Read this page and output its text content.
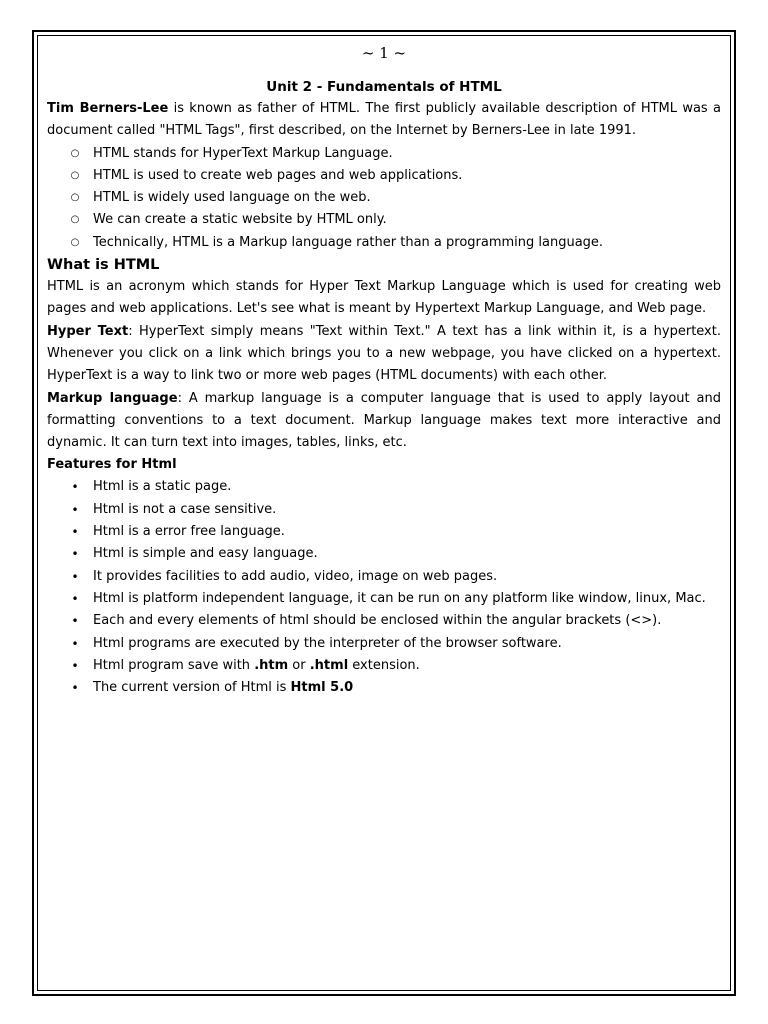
~ 1 ~
Unit 2 - Fundamentals of HTML

Tim Berners-Lee is known as father of HTML. The first publicly available description of HTML was a document called "HTML Tags", first described, on the Internet by Berners-Lee in late 1991.

○ HTML stands for HyperText Markup Language.
○ HTML is used to create web pages and web applications.
○ HTML is widely used language on the web.
○ We can create a static website by HTML only.
○ Technically, HTML is a Markup language rather than a programming language.
What is HTML

HTML is an acronym which stands for Hyper Text Markup Language which is used for creating web pages and web applications. Let's see what is meant by Hypertext Markup Language, and Web page.

Hyper Text: HyperText simply means "Text within Text." A text has a link within it, is a hypertext. Whenever you click on a link which brings you to a new webpage, you have clicked on a hypertext. HyperText is a way to link two or more web pages (HTML documents) with each other.

Markup language: A markup language is a computer language that is used to apply layout and formatting conventions to a text document. Markup language makes text more interactive and dynamic. It can turn text into images, tables, links, etc.

Features for Html
• Html is a static page.
• Html is not a case sensitive.
• Html is a error free language.
• Html is simple and easy language.
• It provides facilities to add audio, video, image on web pages.
• Html is platform independent language, it can be run on any platform like window, linux, Mac.
• Each and every elements of html should be enclosed within the angular brackets (<>).
• Html programs are executed by the interpreter of the browser software.
• Html program save with .htm or .html extension.
• The current version of Html is Html 5.0
